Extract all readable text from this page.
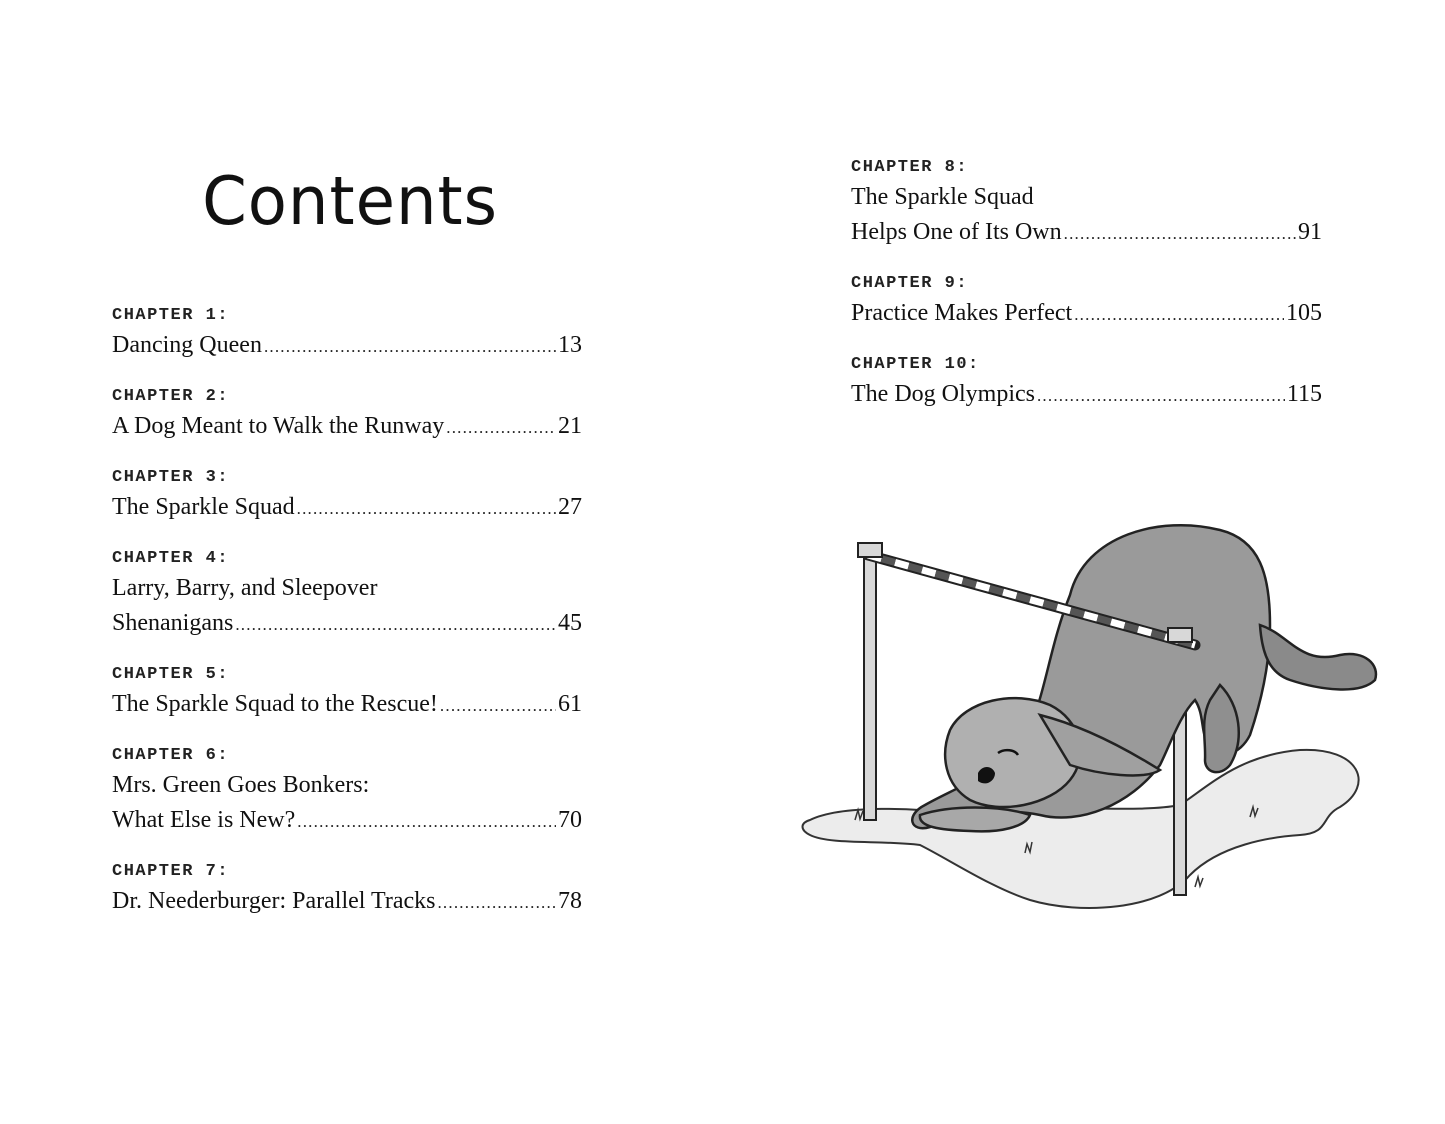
Contents
CHAPTER 1:
Dancing Queen .....	13
CHAPTER 2:
A Dog Meant to Walk the Runway .....	21
CHAPTER 3:
The Sparkle Squad .....	27
CHAPTER 4:
Larry, Barry, and Sleepover
Shenanigans .....	45
CHAPTER 5:
The Sparkle Squad to the Rescue! .....	61
CHAPTER 6:
Mrs. Green Goes Bonkers:
What Else is New? .....	70
CHAPTER 7:
Dr. Neederburger: Parallel Tracks .....	78
CHAPTER 8:
The Sparkle Squad
Helps One of Its Own .....	91
CHAPTER 9:
Practice Makes Perfect .....	105
CHAPTER 10:
The Dog Olympics .....	115
